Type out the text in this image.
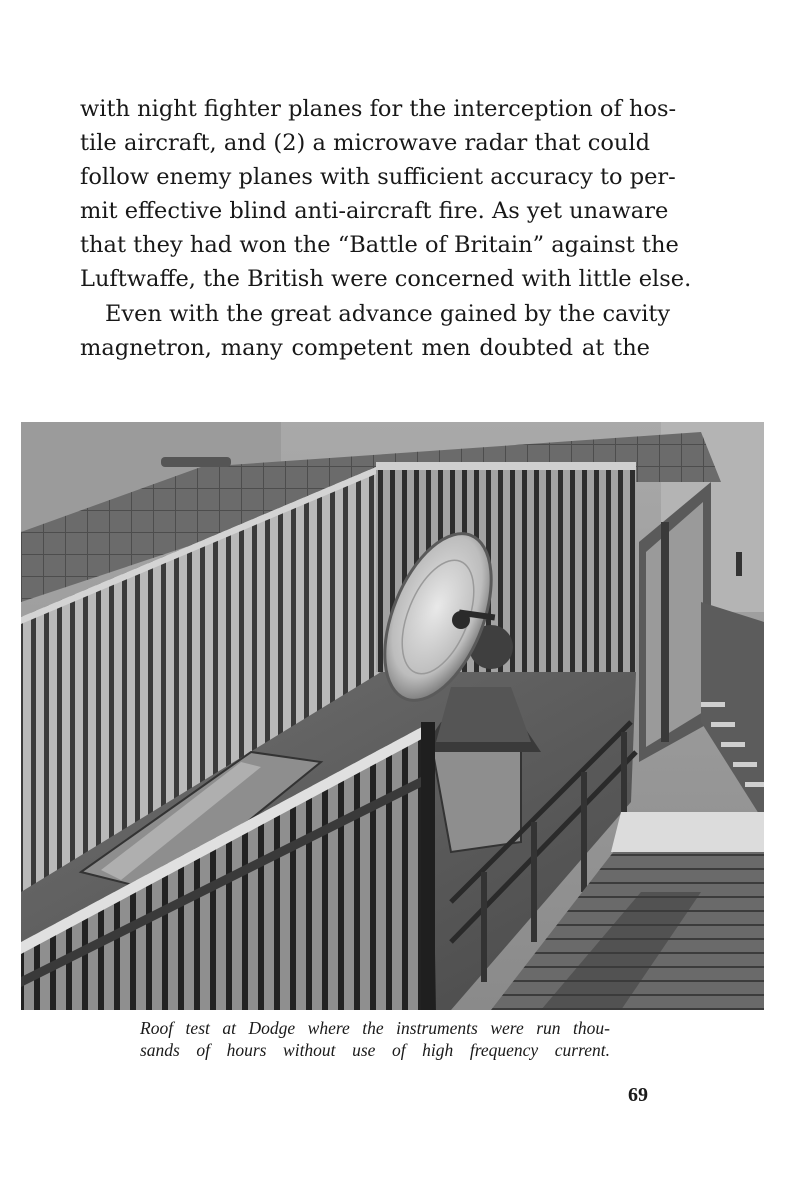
with night fighter planes for the interception of hos-
tile aircraft, and (2) a microwave radar that could
follow enemy planes with sufficient accuracy to per-
mit effective blind anti-aircraft fire. As yet unaware
that they had won the “Battle of Britain” against the
Luftwaffe, the British were concerned with little else.
Even with the great advance gained by the cavity
magnetron, many competent men doubted at the
Roof test at Dodge where the instruments were run thou-
sands of hours without use of high frequency current.
69
